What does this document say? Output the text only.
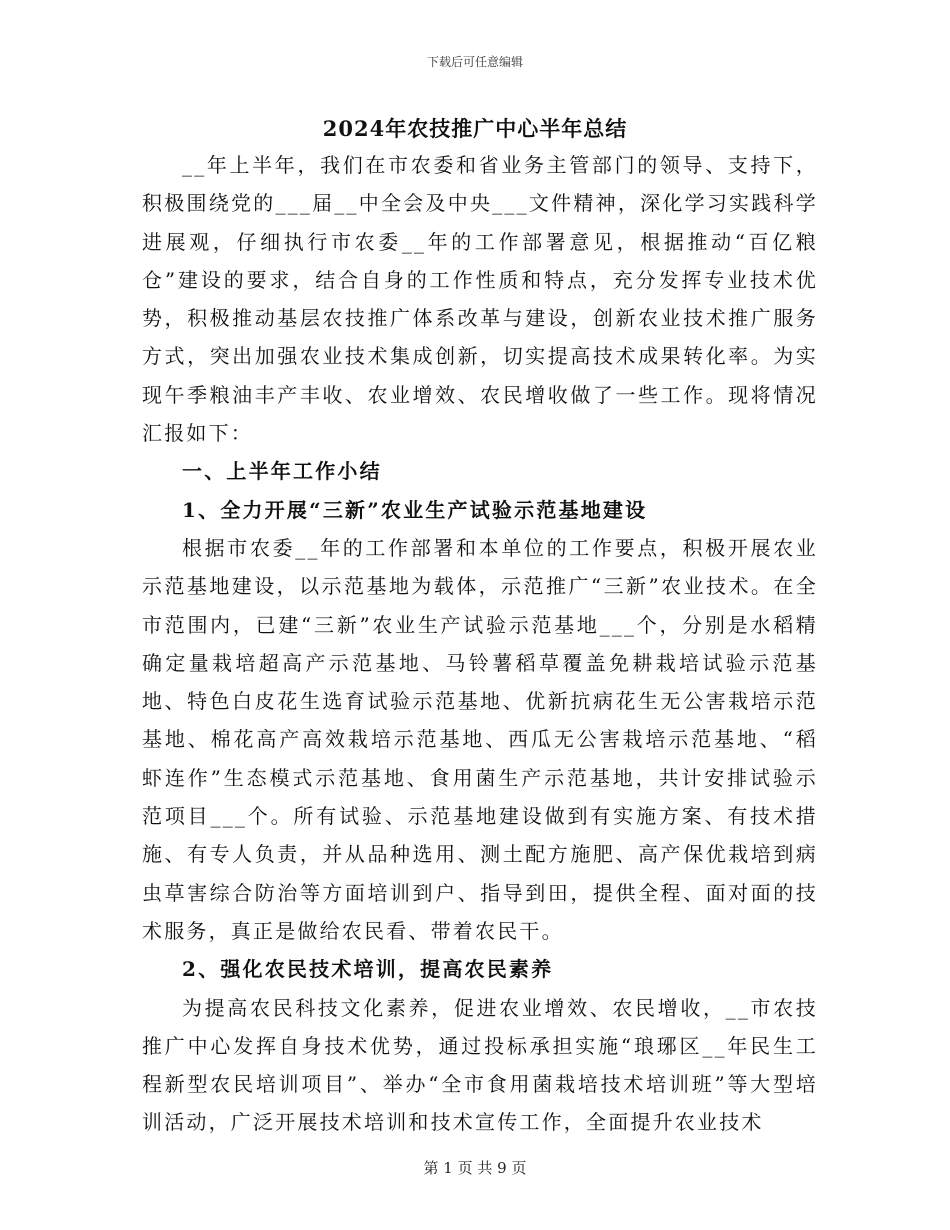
下载后可任意编辑
2024年农技推广中心半年总结

__年上半年，我们在市农委和省业务主管部门的领导、支持下，积极围绕党的___届__中全会及中央___文件精神，深化学习实践科学进展观，仔细执行市农委__年的工作部署意见，根据推动“百亿粮仓”建设的要求，结合自身的工作性质和特点，充分发挥专业技术优势，积极推动基层农技推广体系改革与建设，创新农业技术推广服务方式，突出加强农业技术集成创新，切实提高技术成果转化率。为实现午季粮油丰产丰收、农业增效、农民增收做了一些工作。现将情况汇报如下：

一、上半年工作小结
1、全力开展“三新”农业生产试验示范基地建设

根据市农委__年的工作部署和本单位的工作要点，积极开展农业示范基地建设，以示范基地为载体，示范推广“三新”农业技术。在全市范围内，已建“三新”农业生产试验示范基地___个，分别是水稻精确定量栽培超高产示范基地、马铃薯稻草覆盖免耕栽培试验示范基地、特色白皮花生选育试验示范基地、优新抗病花生无公害栽培示范基地、棉花高产高效栽培示范基地、西瓜无公害栽培示范基地、“稻虾连作”生态模式示范基地、食用菌生产示范基地，共计安排试验示范项目___个。所有试验、示范基地建设做到有实施方案、有技术措施、有专人负责，并从品种选用、测土配方施肥、高产保优栽培到病虫草害综合防治等方面培训到户、指导到田，提供全程、面对面的技术服务，真正是做给农民看、带着农民干。

2、强化农民技术培训，提高农民素养

为提高农民科技文化素养，促进农业增效、农民增收，__市农技推广中心发挥自身技术优势，通过投标承担实施“琅琊区__年民生工程新型农民培训项目”、举办“全市食用菌栽培技术培训班”等大型培训活动，广泛开展技术培训和技术宣传工作，全面提升农业技术

第 1 页 共 9 页
